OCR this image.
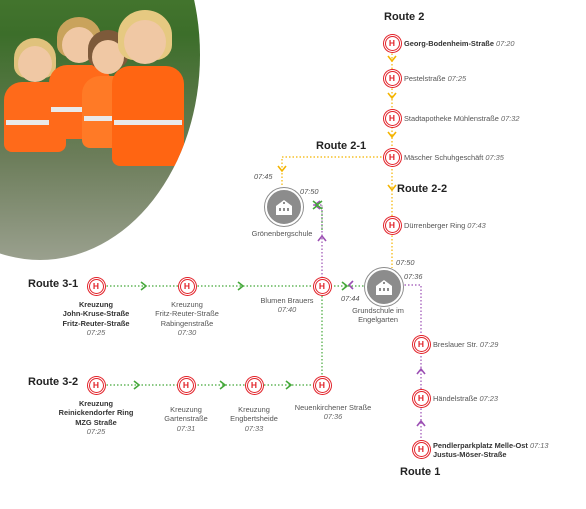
Route 2
Route 2-1
Route 2-2
Route 3-1
Route 3-2
Route 1
H
Georg-Bodenheim-Straße 07:20
H
Pestelstraße 07:25
H
Stadtapotheke Mühlenstraße 07:32
H
Mäscher Schuhgeschäft 07:35
H
Dürrenberger Ring 07:43
07:50
07:36
07:44
H
Breslauer Str. 07:29
H
Händelstraße 07:23
H
Pendlerparkplatz Melle-Ost 07:13
Justus-Möser-Straße
Grönenbergschule
07:45
07:50
Grundschule im
Engelgarten
H
Kreuzung
John-Kruse-Straße
Fritz-Reuter-Straße
07:25
H
Kreuzung
Fritz-Reuter-Straße
Rabingenstraße
07:30
H
Blumen Brauers
07:40
H
Kreuzung
Reinickendorfer Ring
MZG Straße
07:25
H
Kreuzung
Gartenstraße
07:31
H
Kreuzung
Engbertsheide
07:33
H
Neuenkirchener Straße
07:36
